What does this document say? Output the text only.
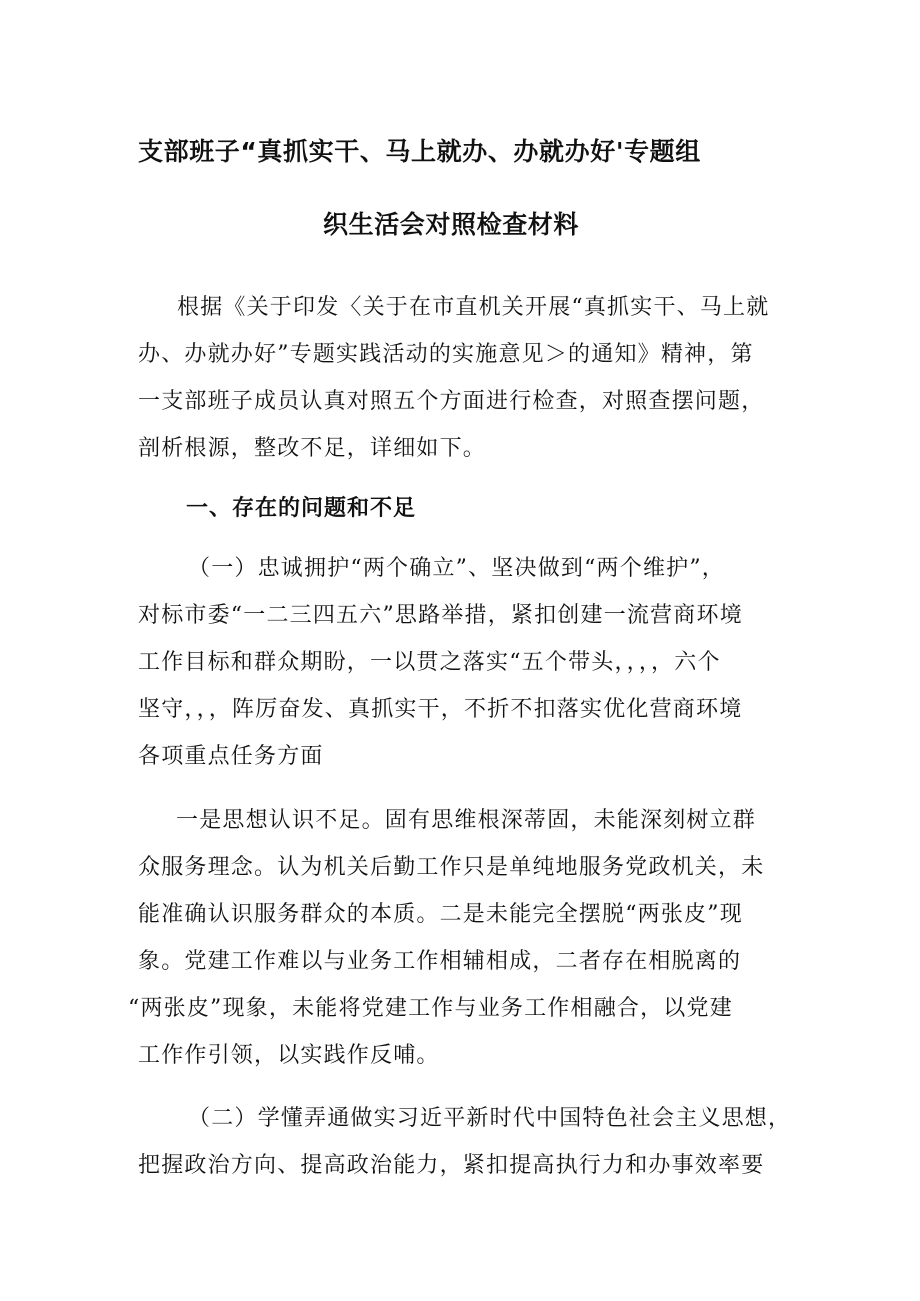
支部班子“真抓实干、马上就办、办就办好'专题组
织生活会对照检查材料
根据《关于印发〈关于在市直机关开展“真抓实干、马上就
办、办就办好”专题实践活动的实施意见＞的通知》精神，第
一支部班子成员认真对照五个方面进行检查，对照查摆问题，
剖析根源，整改不足，详细如下。
一、存在的问题和不足
（一）忠诚拥护“两个确立”、坚决做到“两个维护”，
对标市委“一二三四五六”思路举措，紧扣创建一流营商环境
工作目标和群众期盼，一以贯之落实“五个带头，，，，六个
坚守，，，阵厉奋发、真抓实干，不折不扣落实优化营商环境
各项重点任务方面
一是思想认识不足。固有思维根深蒂固，未能深刻树立群
众服务理念。认为机关后勤工作只是单纯地服务党政机关，未
能准确认识服务群众的本质。二是未能完全摆脱“两张皮”现
象。党建工作难以与业务工作相辅相成，二者存在相脱离的
“两张皮”现象，未能将党建工作与业务工作相融合，以党建
工作作引领，以实践作反哺。
（二）学懂弄通做实习近平新时代中国特色社会主义思想，
把握政治方向、提高政治能力，紧扣提高执行力和办事效率要
